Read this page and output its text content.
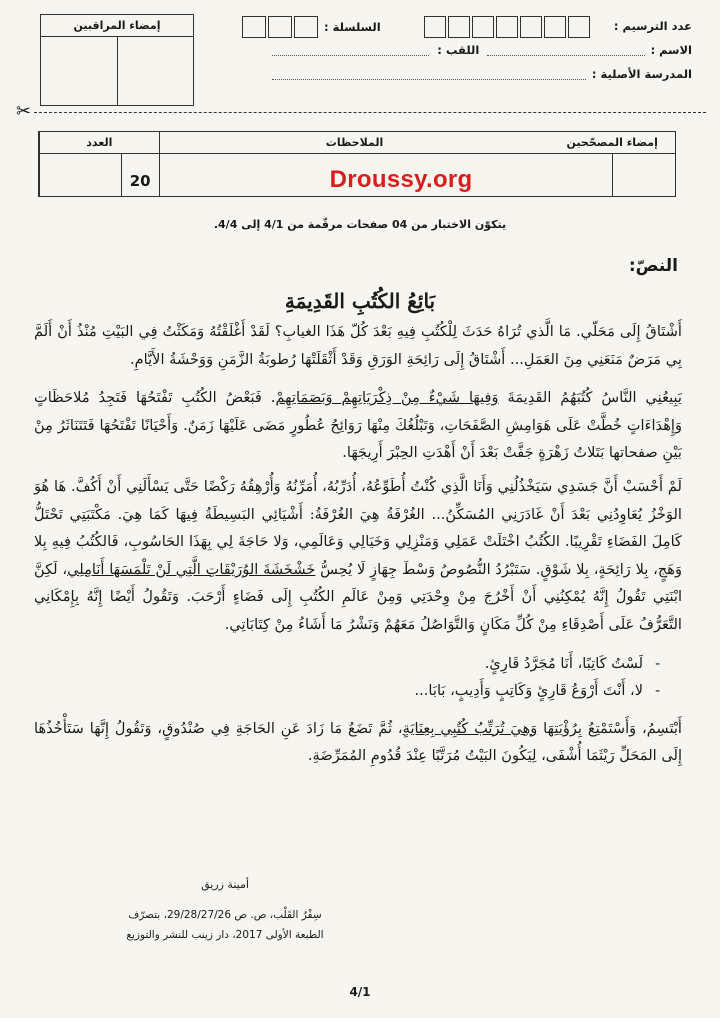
عدد الترسيم :
الاسم :
اللقب :
المدرسة الأصلية :
السلسلة :
إمضاء المراقبين
✂
العدد
20
الملاحظات
Droussy.org
إمضاء المصحّحين
يتكوّن الاختبار من 04 صفحات مرقّمة من 4/1 إلى 4/4.
النصّ:
بَائِعُ الكُتُبِ القَدِيمَةِ

أَشْتَاقُ إِلَى مَحَلّي. مَا الَّذي تُرَاهُ حَدَثَ لِلْكُتُبِ فِيهِ بَعْدَ كُلّ هَذَا الغيابِ؟ لَقَدْ أَغْلَقْتُهُ وَمَكَثْتُ فِي البَيْتِ مُنْذُ أَنْ أَلَمَّ بِي مَرَضٌ مَنَعَنِي مِنَ العَمَلِ... أَشْتَاقُ إِلَى رَائِحَةِ الوَرَقِ وَقَدْ أَثْقَلَتْهَا رُطوبَةُ الزَّمَنِ وَوَحْشَةُ الأَيَّامِ.

يَبِيعُنِي النَّاسُ كُتُبَهُمُ القَدِيمَةَ وَفِيهَا شَيْءٌ مِنْ ذِكْرَيَاتِهِمْ وَبَصَمَاتِهِمْ. فَبَعْضُ الكُتُبِ تَفْتَحُهَا فَتَجِدُ مُلاحَظَاتٍ وَإِهْدَاءَاتٍ خُطَّتْ عَلَى هَوَامِشِ الصَّفَحَاتِ، وَتَبْلُغُكَ مِنْهَا رَوَائِحُ عُطُورٍ مَضَى عَلَيْهَا زَمَنٌ. وَأَحْيَانًا تَفْتَحُهَا فَتَتَنَاثَرُ مِنْ بَيْنِ صفحاتها بَتَلاتُ زَهْرَةٍ جَفَّتْ بَعْدَ أَنْ أَهْدَتِ الحِبْرَ أَرِيجَهَا.

لَمْ أَحْسَبْ أَنَّ جَسَدِي سَيَخْذُلُنِي وَأَنَا الَّذِي كُنْتُ أُطَوِّعُهُ، أُدَرِّبُهُ، أُمَرِّنُهُ وَأُرْهِقُهُ رَكْضًا حَتَّى يَسْأَلَنِي أَنْ أَكُفَّ. هَا هُوَ الوَخْزُ يُعَاوِدُنِي بَعْدَ أَنْ غَادَرَنِي المُسَكِّنُ... الغُرْفَةُ هِيَ الغُرْفَةُ: أَشْيَائِي البَسِيطَةُ فِيهَا كَمَا هِيَ. مَكْتَبَتِي تَحْتَلُّ كَامِلَ الفَضَاءِ تَقْرِيبًا. الكُتُبُ اخْتَلَتْ عَمَلِي وَمَنْزِلِي وَخَيَالِي وَعَالَمِي، وَلا حَاجَةَ لِي بِهَذَا الحَاسُوبِ، فَالكُتُبُ فِيهِ بِلا وَهَجٍ، بِلا رَائِحَةٍ، بِلا شَوْقٍ. سَتَبْرُدُ النُّصُوصُ وَسْطَ جِهَازٍ لَا يُحِسُّ خَشْخَشَةَ الوُرَيْقَاتِ الَّتِي لَنْ تَلْمَسَهَا أَنَامِلِي، لَكِنَّ ابْنَتِي تَقُولُ إِنَّهُ يُمْكِنُنِي أَنْ أَخْرُجَ مِنْ وِحْدَتِي وَمِنْ عَالَمِ الكُتُبِ إِلَى فَضَاءٍ أَرْحَبَ. وَتَقُولُ أَيْضًا إِنَّهُ بِإِمْكَانِي التَّعَرُّفُ عَلَى أَصْدِقَاءِ مِنْ كُلِّ مَكَانٍ وَالتَّوَاصُلُ مَعَهُمْ وَنَشْرُ مَا أَشَاءُ مِنْ كِتَابَاتِي.

-
لَسْتُ كَاتِبًا، أَنَا مُجَرَّدُ قَارِئٍ.
-
لا، أَنْتَ أَرْوَعُ قَارِئٍ وَكَاتِبٍ وَأَدِيبٍ، بَابَا...

أَبْتَسِمُ، وَأَسْتَمْتِعُ بِرُؤْيَتِهَا وَهِيَ تُرَتِّبُ كُتُبِي بِعِنَايَةٍ، ثُمَّ تَضَعُ مَا زَادَ عَنِ الحَاجَةِ فِي صُنْدُوقٍ، وَتَقُولُ إِنَّهَا سَتَأْخُذُهَا إِلَى المَحَلِّ رَيْثَمَا أُشْفَى، لِيَكُونَ البَيْتُ مُرَتَّبًا عِنْدَ قُدُومِ المُمَرِّضَةِ.

أمينة زريق
سِفْرُ القَلْب، ص. ص 29/28/27/26، بتصرّف
الطبعة الأولى 2017، دار زينب للنشر والتوزيع
4/1
